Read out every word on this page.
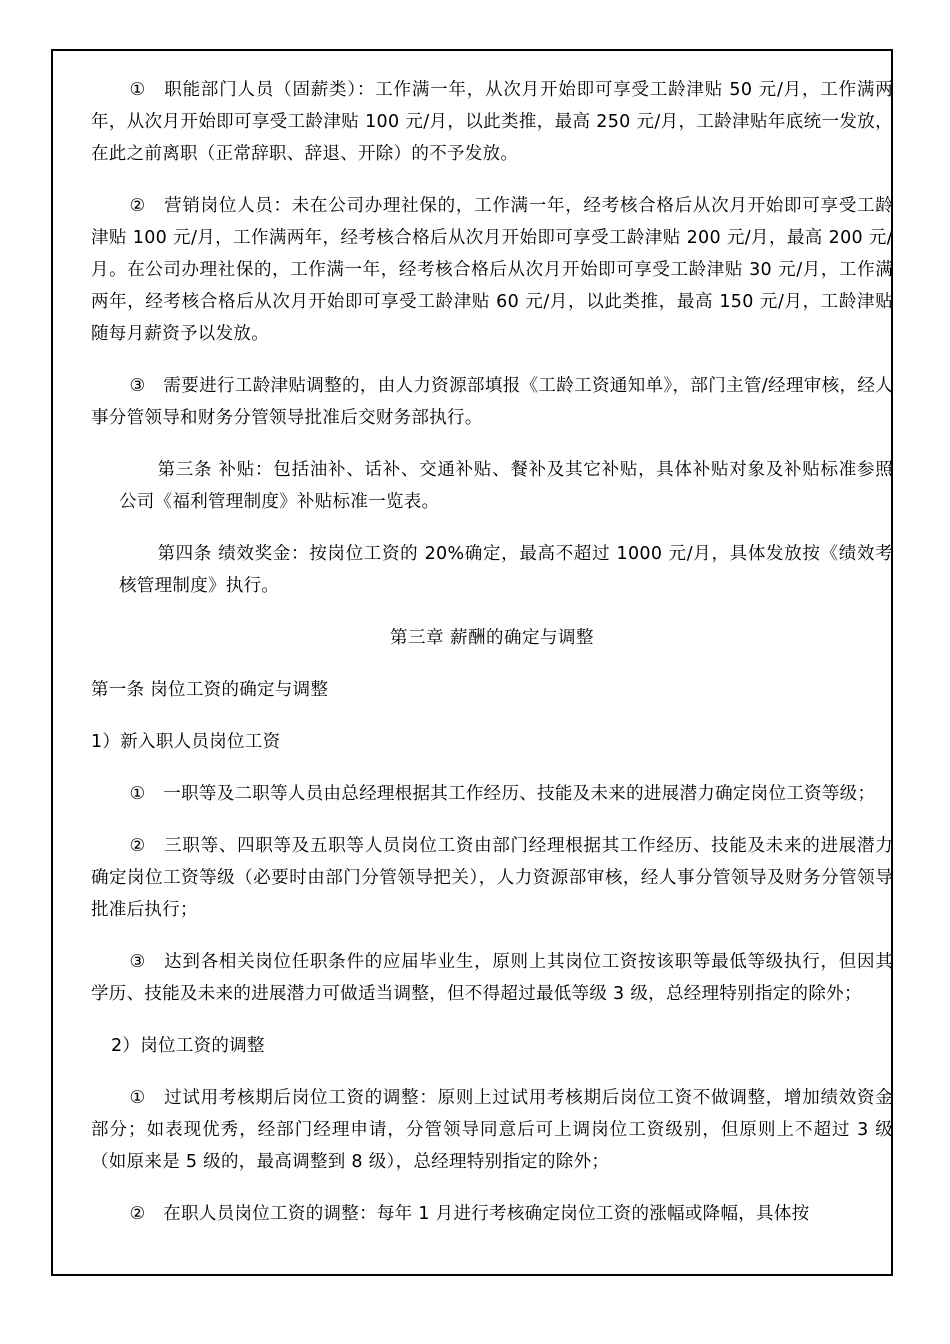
①　职能部门人员（固薪类）：工作满一年，从次月开始即可享受工龄津贴 50 元/月，工作满两年，从次月开始即可享受工龄津贴 100 元/月，以此类推，最高 250 元/月，工龄津贴年底统一发放，在此之前离职（正常辞职、辞退、开除）的不予发放。

②　营销岗位人员：未在公司办理社保的，工作满一年，经考核合格后从次月开始即可享受工龄津贴 100 元/月，工作满两年，经考核合格后从次月开始即可享受工龄津贴 200 元/月，最高 200 元/月。在公司办理社保的，工作满一年，经考核合格后从次月开始即可享受工龄津贴 30 元/月，工作满两年，经考核合格后从次月开始即可享受工龄津贴 60 元/月，以此类推，最高 150 元/月，工龄津贴随每月薪资予以发放。

③　需要进行工龄津贴调整的，由人力资源部填报《工龄工资通知单》，部门主管/经理审核，经人事分管领导和财务分管领导批准后交财务部执行。

第三条 补贴：包括油补、话补、交通补贴、餐补及其它补贴，具体补贴对象及补贴标准参照公司《福利管理制度》补贴标准一览表。

第四条 绩效奖金：按岗位工资的 20%确定，最高不超过 1000 元/月，具体发放按《绩效考核管理制度》执行。

第三章 薪酬的确定与调整

第一条 岗位工资的确定与调整

1）新入职人员岗位工资

①　一职等及二职等人员由总经理根据其工作经历、技能及未来的进展潜力确定岗位工资等级；

②　三职等、四职等及五职等人员岗位工资由部门经理根据其工作经历、技能及未来的进展潜力确定岗位工资等级（必要时由部门分管领导把关），人力资源部审核，经人事分管领导及财务分管领导批准后执行；

③　达到各相关岗位任职条件的应届毕业生，原则上其岗位工资按该职等最低等级执行，但因其学历、技能及未来的进展潜力可做适当调整，但不得超过最低等级 3 级，总经理特别指定的除外；

2）岗位工资的调整

①　过试用考核期后岗位工资的调整：原则上过试用考核期后岗位工资不做调整，增加绩效资金部分；如表现优秀，经部门经理申请，分管领导同意后可上调岗位工资级别，但原则上不超过 3 级（如原来是 5 级的，最高调整到 8 级），总经理特别指定的除外；

②　在职人员岗位工资的调整：每年 1 月进行考核确定岗位工资的涨幅或降幅，具体按
